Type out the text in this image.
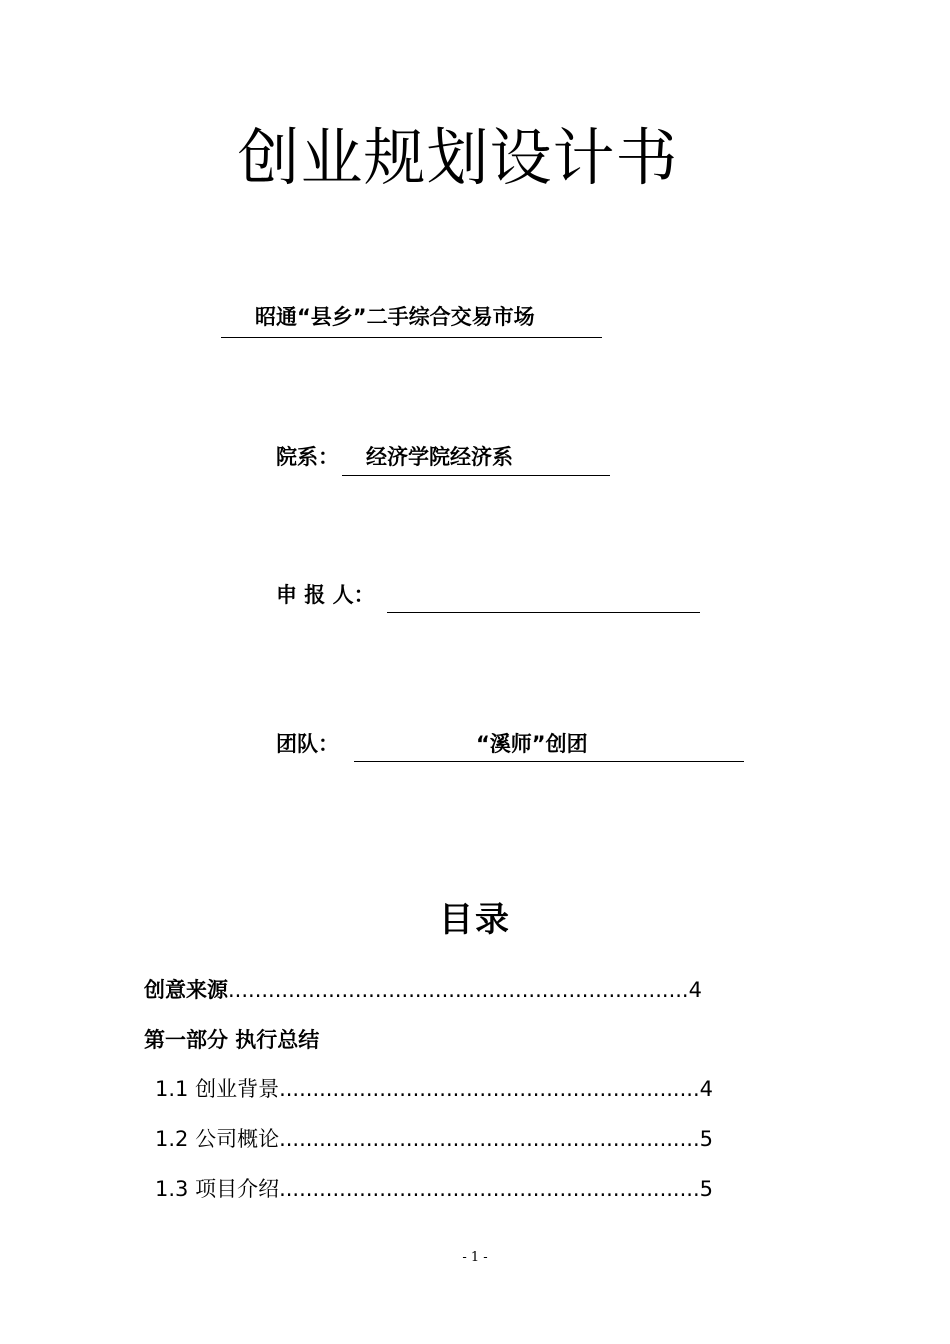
创业规划设计书
昭通“县乡”二手综合交易市场
院系： 经济学院经济系
申 报 人：
团队：	“溪师”创团
目录
创意来源.....................................................................4
第一部分 执行总结
1.1 创业背景...............................................................4
1.2 公司概论...............................................................5
1.3 项目介绍...............................................................5
- 1 -
